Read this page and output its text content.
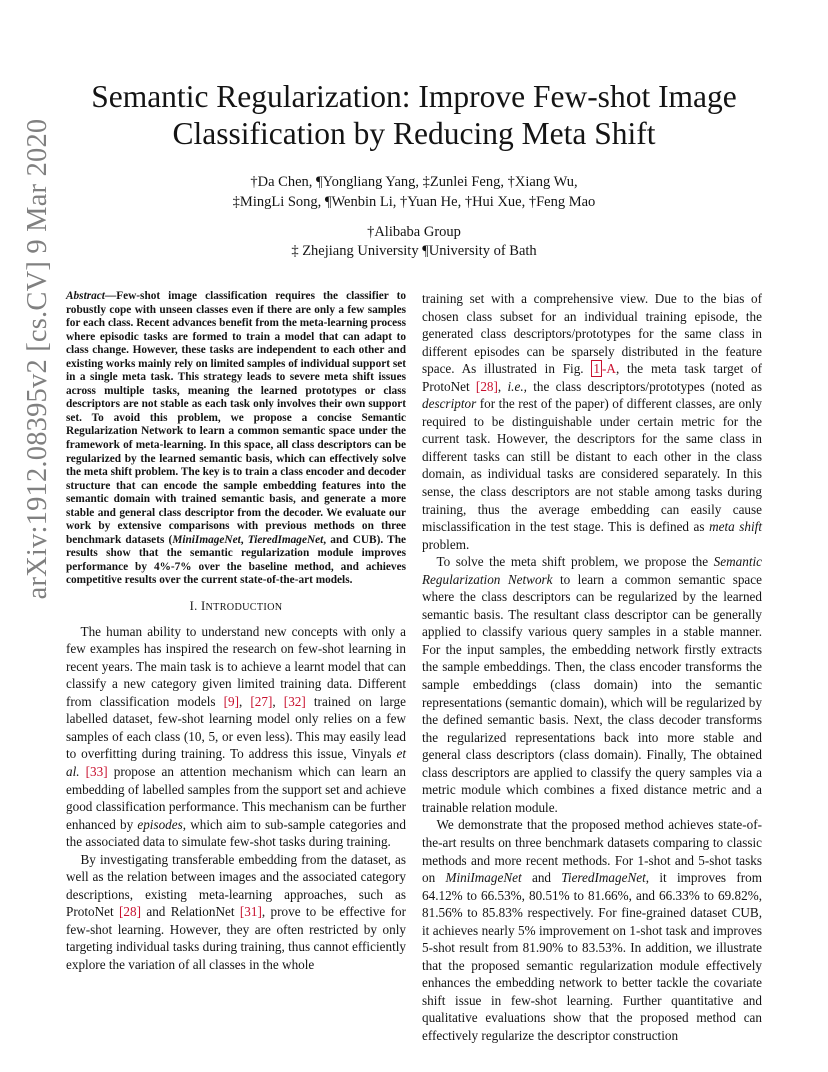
arXiv:1912.08395v2 [cs.CV] 9 Mar 2020
Semantic Regularization: Improve Few-shot Image
Classification by Reducing Meta Shift
†Da Chen, ¶Yongliang Yang, ‡Zunlei Feng, †Xiang Wu,
‡MingLi Song, ¶Wenbin Li, †Yuan He, †Hui Xue, †Feng Mao
†Alibaba Group
‡ Zhejiang University ¶University of Bath

Abstract—Few-shot image classification requires the classifier to robustly cope with unseen classes even if there are only a few samples for each class. Recent advances benefit from the meta-learning process where episodic tasks are formed to train a model that can adapt to class change. However, these tasks are independent to each other and existing works mainly rely on limited samples of individual support set in a single meta task. This strategy leads to severe meta shift issues across multiple tasks, meaning the learned prototypes or class descriptors are not stable as each task only involves their own support set. To avoid this problem, we propose a concise Semantic Regularization Network to learn a common semantic space under the framework of meta-learning. In this space, all class descriptors can be regularized by the learned semantic basis, which can effectively solve the meta shift problem. The key is to train a class encoder and decoder structure that can encode the sample embedding features into the semantic domain with trained semantic basis, and generate a more stable and general class descriptor from the decoder. We evaluate our work by extensive comparisons with previous methods on three benchmark datasets (MiniImageNet, TieredImageNet, and CUB). The results show that the semantic regularization module improves performance by 4%-7% over the baseline method, and achieves competitive results over the current state-of-the-art models.

I. INTRODUCTION

The human ability to understand new concepts with only a few examples has inspired the research on few-shot learning in recent years. The main task is to achieve a learnt model that can classify a new category given limited training data. Different from classification models [9], [27], [32] trained on large labelled dataset, few-shot learning model only relies on a few samples of each class (10, 5, or even less). This may easily lead to overfitting during training. To address this issue, Vinyals et al. [33] propose an attention mechanism which can learn an embedding of labelled samples from the support set and achieve good classification performance. This mechanism can be further enhanced by episodes, which aim to sub-sample categories and the associated data to simulate few-shot tasks during training.

By investigating transferable embedding from the dataset, as well as the relation between images and the associated category descriptions, existing meta-learning approaches, such as ProtoNet [28] and RelationNet [31], prove to be effective for few-shot learning. However, they are often restricted by only targeting individual tasks during training, thus cannot efficiently explore the variation of all classes in the whole

training set with a comprehensive view. Due to the bias of chosen class subset for an individual training episode, the generated class descriptors/prototypes for the same class in different episodes can be sparsely distributed in the feature space. As illustrated in Fig. 1 -A, the meta task target of ProtoNet [28], i.e., the class descriptors/prototypes (noted as descriptor for the rest of the paper) of different classes, are only required to be distinguishable under certain metric for the current task. However, the descriptors for the same class in different tasks can still be distant to each other in the class domain, as individual tasks are considered separately. In this sense, the class descriptors are not stable among tasks during training, thus the average embedding can easily cause misclassification in the test stage. This is defined as meta shift problem.

To solve the meta shift problem, we propose the Semantic Regularization Network to learn a common semantic space where the class descriptors can be regularized by the learned semantic basis. The resultant class descriptor can be generally applied to classify various query samples in a stable manner. For the input samples, the embedding network firstly extracts the sample embeddings. Then, the class encoder transforms the sample embeddings (class domain) into the semantic representations (semantic domain), which will be regularized by the defined semantic basis. Next, the class decoder transforms the regularized representations back into more stable and general class descriptors (class domain). Finally, The obtained class descriptors are applied to classify the query samples via a metric module which combines a fixed distance metric and a trainable relation module.

We demonstrate that the proposed method achieves state-of-the-art results on three benchmark datasets comparing to classic methods and more recent methods. For 1-shot and 5-shot tasks on MiniImageNet and TieredImageNet, it improves from 64.12% to 66.53%, 80.51% to 81.66%, and 66.33% to 69.82%, 81.56% to 85.83% respectively. For fine-grained dataset CUB, it achieves nearly 5% improvement on 1-shot task and improves 5-shot result from 81.90% to 83.53%. In addition, we illustrate that the proposed semantic regularization module effectively enhances the embedding network to better tackle the covariate shift issue in few-shot learning. Further quantitative and qualitative evaluations show that the proposed method can effectively regularize the descriptor construction
